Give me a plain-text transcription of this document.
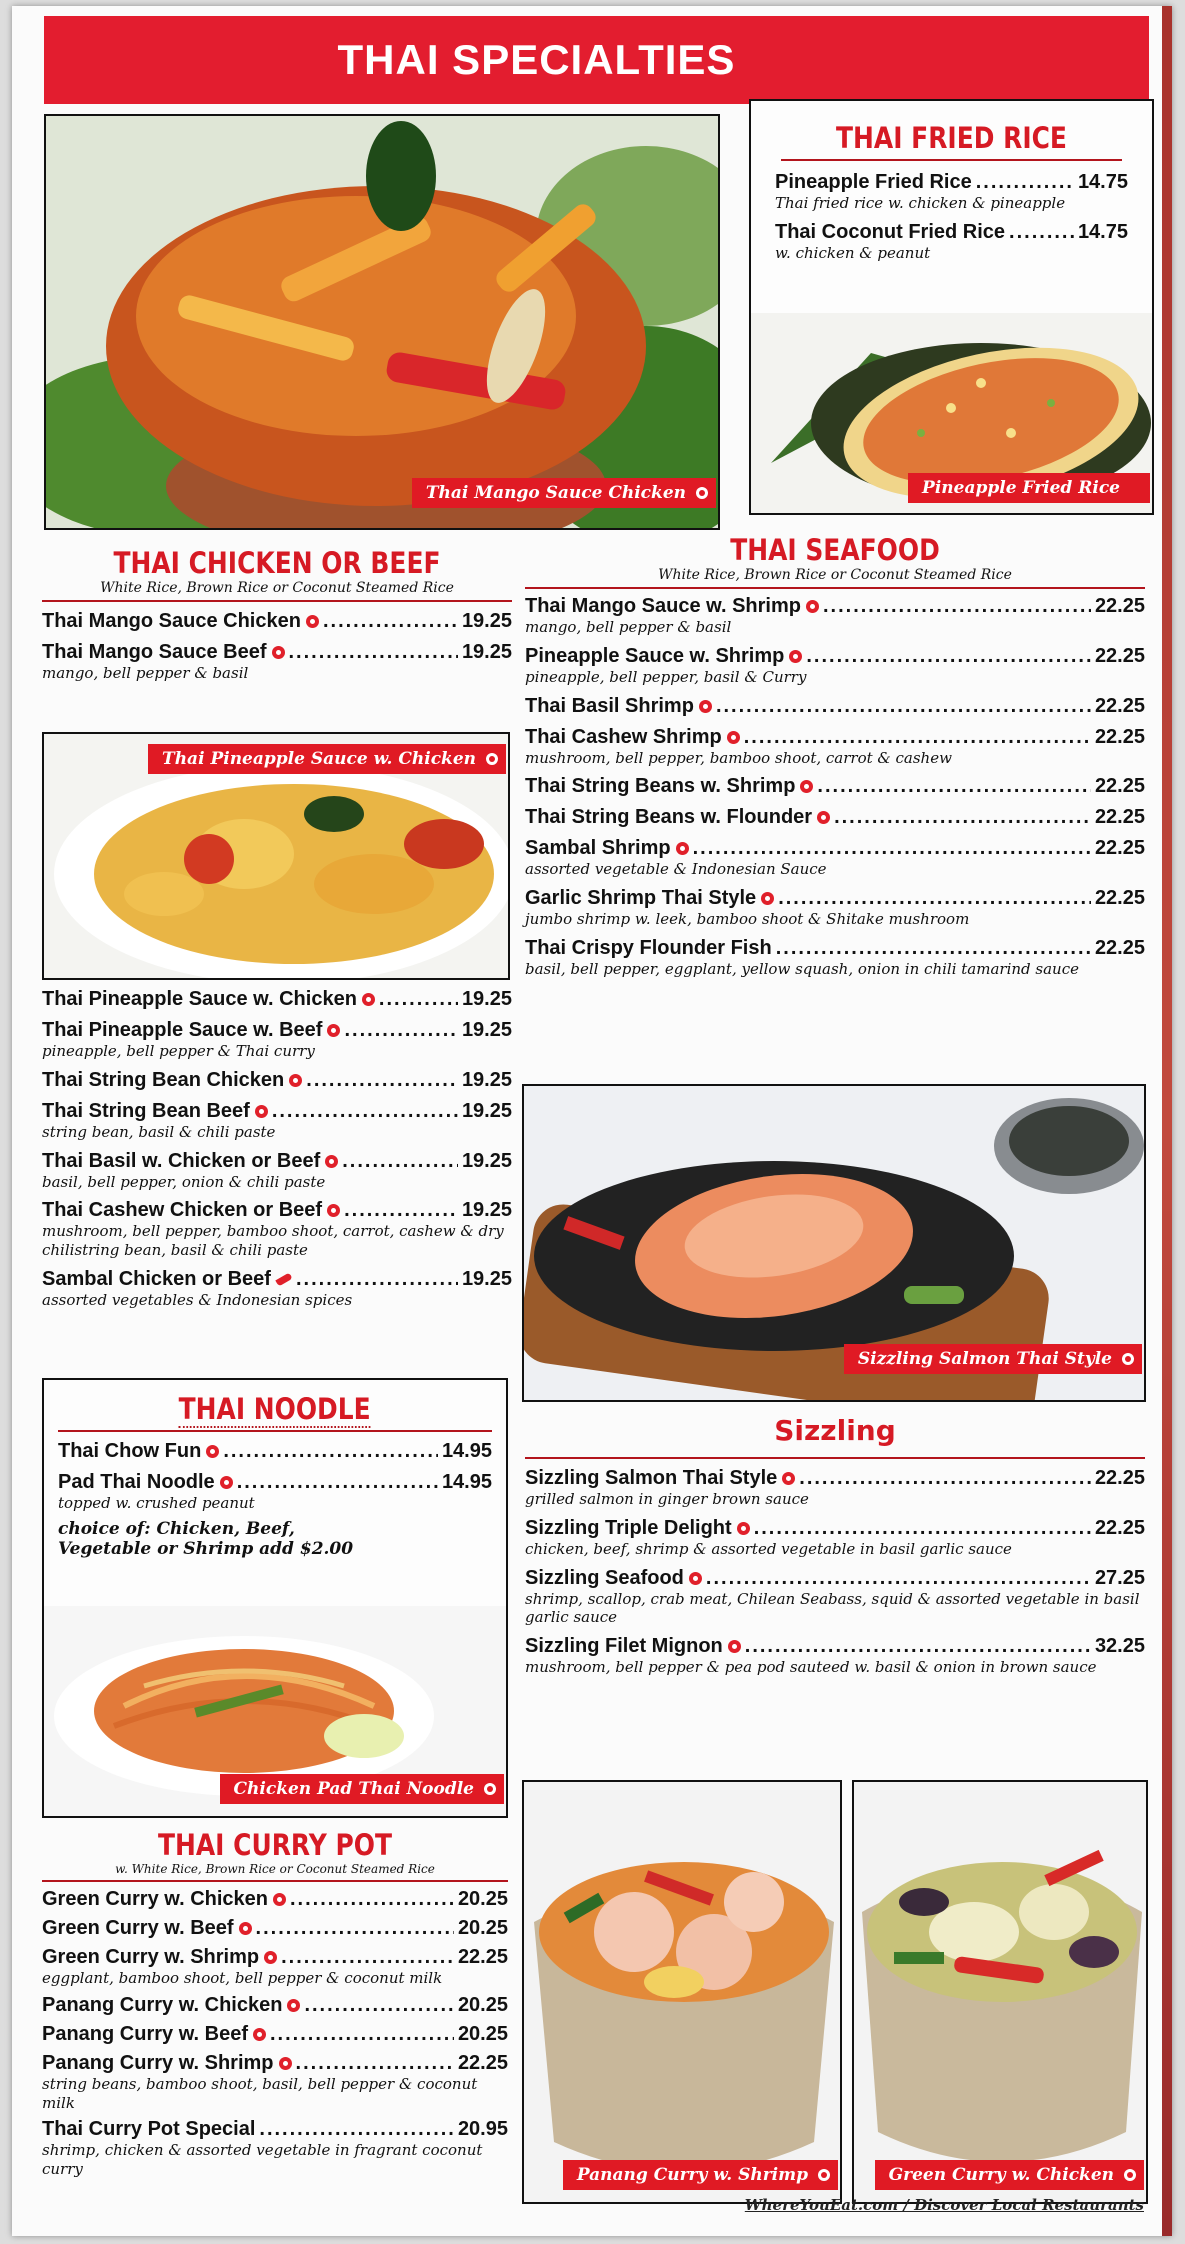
THAI SPECIALTIES
Thai Mango Sauce Chicken
THAI FRIED RICE
Pineapple Fried Rice .....	14.75
Thai fried rice w. chicken & pineapple
Thai Coconut Fried Rice .....	14.75
w. chicken & peanut
Pineapple Fried Rice
THAI CHICKEN OR BEEF
White Rice, Brown Rice or Coconut Steamed Rice
Thai Mango Sauce Chicken .....	19.25
Thai Mango Sauce Beef .....	19.25
mango, bell pepper & basil
Thai Pineapple Sauce w. Chicken
Thai Pineapple Sauce w. Chicken .....	19.25
Thai Pineapple Sauce w. Beef .....	19.25
pineapple, bell pepper & Thai curry
Thai String Bean Chicken .....	19.25
Thai String Bean Beef .....	19.25
string bean, basil & chili paste
Thai Basil w. Chicken or Beef .....	19.25
basil, bell pepper, onion & chili paste
Thai Cashew Chicken or Beef .....	19.25
mushroom, bell pepper, bamboo shoot, carrot, cashew & dry chilistring bean, basil & chili paste
Sambal Chicken or Beef .....	19.25
assorted vegetables & Indonesian spices
THAI SEAFOOD
White Rice, Brown Rice or Coconut Steamed Rice
Thai Mango Sauce w. Shrimp .....	22.25
mango, bell pepper & basil
Pineapple Sauce w. Shrimp .....	22.25
pineapple, bell pepper, basil & Curry
Thai Basil Shrimp .....	22.25
Thai Cashew Shrimp .....	22.25
mushroom, bell pepper, bamboo shoot, carrot & cashew
Thai String Beans w. Shrimp .....	22.25
Thai String Beans w. Flounder .....	22.25
Sambal Shrimp .....	22.25
assorted vegetable & Indonesian Sauce
Garlic Shrimp Thai Style .....	22.25
jumbo shrimp w. leek, bamboo shoot & Shitake mushroom
Thai Crispy Flounder Fish .....	22.25
basil, bell pepper, eggplant, yellow squash, onion in chili tamarind sauce
Sizzling Salmon Thai Style
THAI NOODLE
Thai Chow Fun .....	14.95
Pad Thai Noodle .....	14.95
topped w. crushed peanut
choice of: Chicken, Beef, Vegetable or Shrimp add $2.00
Chicken Pad Thai Noodle
Sizzling
Sizzling Salmon Thai Style .....	22.25
grilled salmon in ginger brown sauce
Sizzling Triple Delight .....	22.25
chicken, beef, shrimp & assorted vegetable in basil garlic sauce
Sizzling Seafood .....	27.25
shrimp, scallop, crab meat, Chilean Seabass, squid & assorted vegetable in basil garlic sauce
Sizzling Filet Mignon .....	32.25
mushroom, bell pepper & pea pod sauteed w. basil & onion in brown sauce
THAI CURRY POT
w. White Rice, Brown Rice or Coconut Steamed Rice
Green Curry w. Chicken .....	20.25
Green Curry w. Beef .....	20.25
Green Curry w. Shrimp .....	22.25
eggplant, bamboo shoot, bell pepper & coconut milk
Panang Curry w. Chicken .....	20.25
Panang Curry w. Beef .....	20.25
Panang Curry w. Shrimp .....	22.25
string beans, bamboo shoot, basil, bell pepper & coconut milk
Thai Curry Pot Special .....	20.95
shrimp, chicken & assorted vegetable in fragrant coconut curry	Panang Curry w. Shrimp	Green Curry w. Chicken
WhereYouEat.com / Discover Local Restaurants
